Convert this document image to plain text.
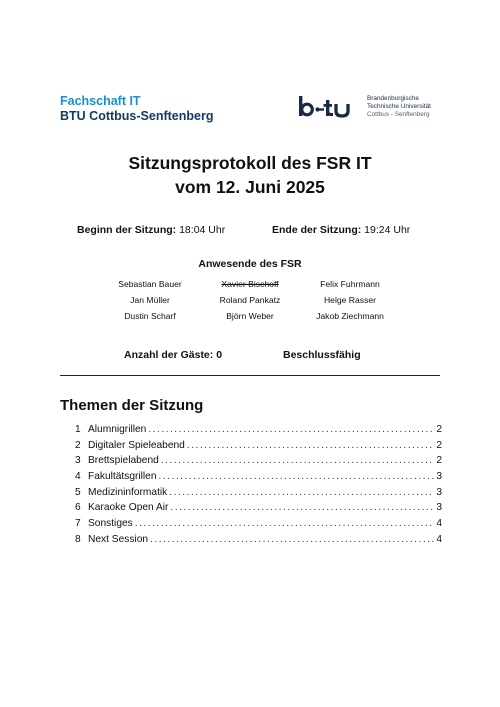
Fachschaft IT
BTU Cottbus-Senftenberg
Brandenburgische
Technische Universität
Cottbus - Senftenberg
Sitzungsprotokoll des FSR IT
vom 12. Juni 2025
Beginn der Sitzung: 18:04 Uhr	Ende der Sitzung: 19:24 Uhr
Anwesende des FSR
Sebastian Bauer	Xavier Bischoff	Felix Fuhrmann
Jan Müller	Roland Pankatz	Helge Rasser
Dustin Scharf	Björn Weber	Jakob Ziechmann
Anzahl der Gäste: 0	Beschlussfähig
Themen der Sitzung
1 Alumnigrillen .....	2
2 Digitaler Spieleabend .....	2
3 Brettspielabend .....	2
4 Fakultätsgrillen .....	3
5 Medizininformatik .....	3
6 Karaoke Open Air .....	3
7 Sonstiges .....	4
8 Next Session .....	4
